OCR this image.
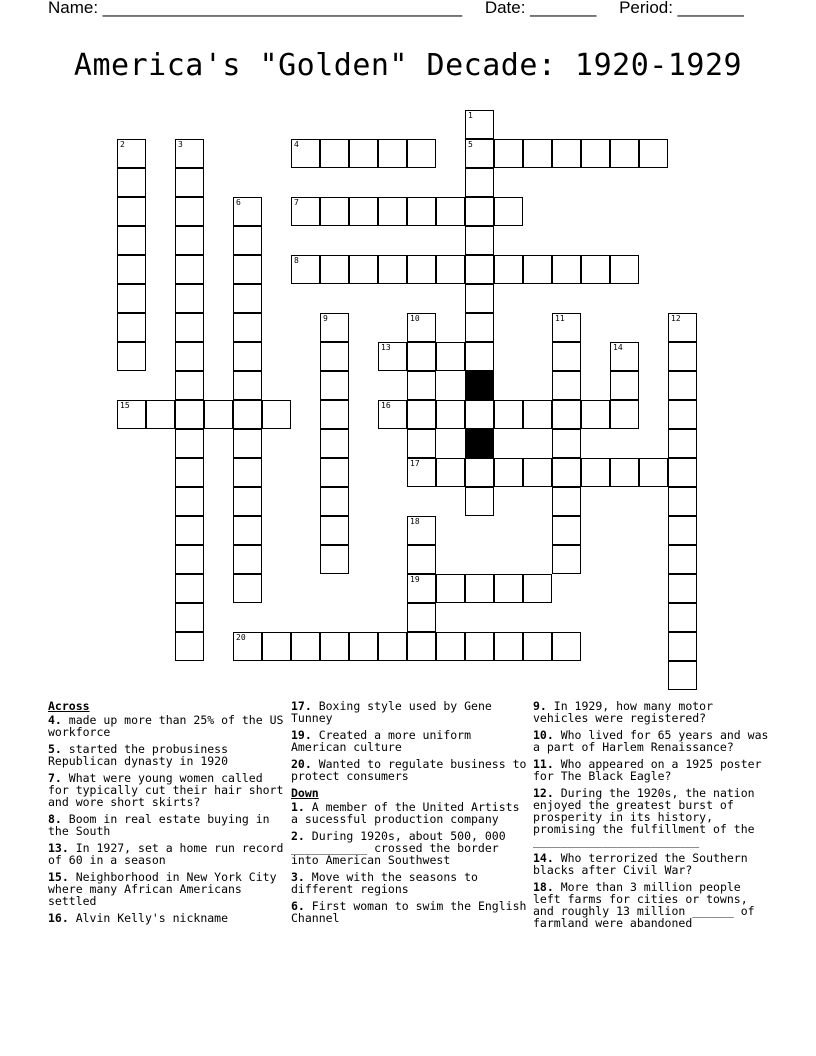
Name: ______________________________________ Date: _______ Period: _______
America's "Golden" Decade: 1920-1929
4	5
7
8
13
15	16
17
19
20
1
2	3
6
9	10	11	12
14
18
Across
4. made up more than 25% of the US workforce
5. started the probusiness Republican dynasty in 1920
7. What were young women called for typically cut their hair short and wore short skirts?
8. Boom in real estate buying in the South
13. In 1927, set a home run record of 60 in a season
15. Neighborhood in New York City where many African Americans settled
16. Alvin Kelly's nickname
17. Boxing style used by Gene Tunney
19. Created a more uniform American culture
20. Wanted to regulate business to protect consumers
Down
1. A member of the United Artists a sucessful production company
2. During 1920s, about 500, 000 ___________ crossed the border into American Southwest
3. Move with the seasons to different regions
6. First woman to swim the English Channel
9. In 1929, how many motor vehicles were registered?
10. Who lived for 65 years and was a part of Harlem Renaissance?
11. Who appeared on a 1925 poster for The Black Eagle?
12. During the 1920s, the nation enjoyed the greatest burst of prosperity in its history, promising the fulfillment of the ________________________
14. Who terrorized the Southern blacks after Civil War?
18. More than 3 million people left farms for cities or towns, and roughly 13 million ______ of farmland were abandoned
